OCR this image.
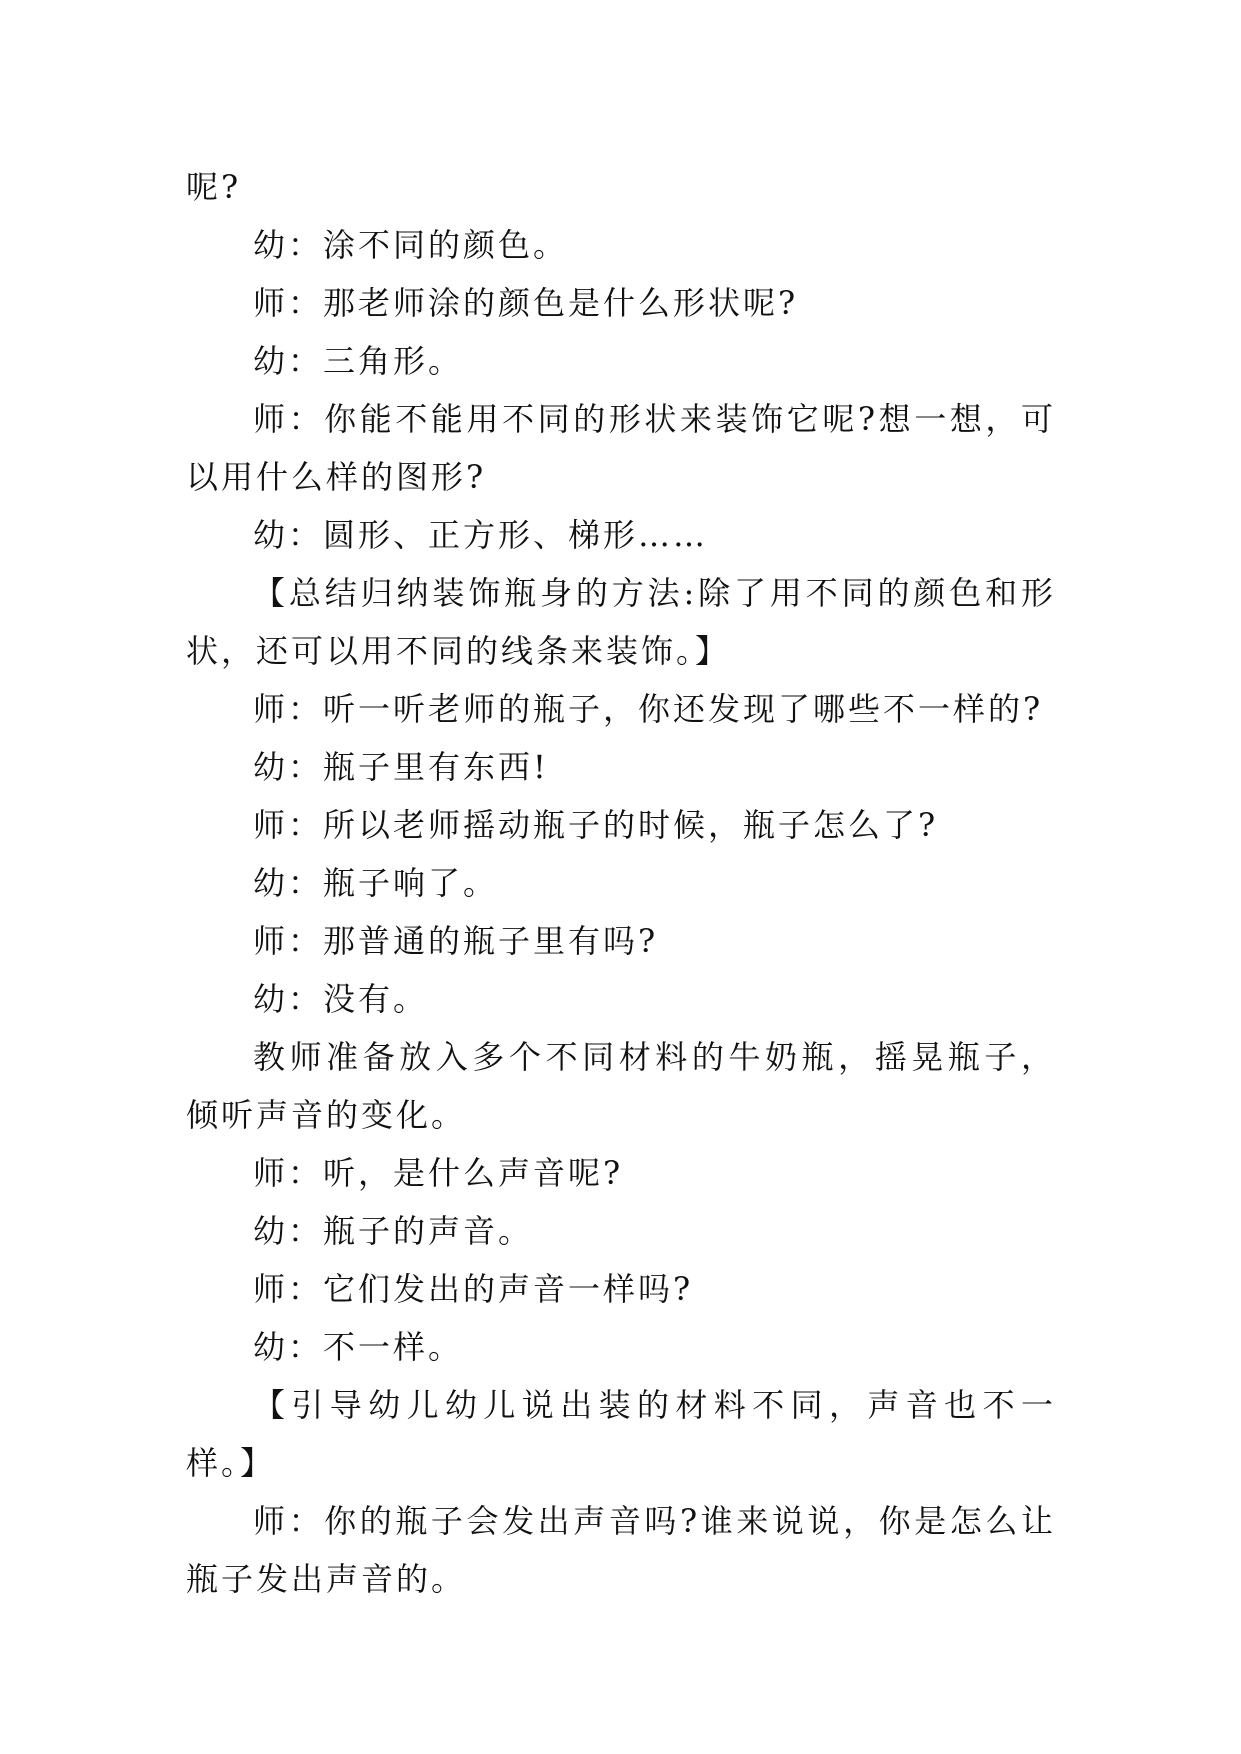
呢?

幼：涂不同的颜色。

师：那老师涂的颜色是什么形状呢?

幼：三角形。

师：你能不能用不同的形状来装饰它呢?想一想，可以用什么样的图形?

幼：圆形、正方形、梯形……

【总结归纳装饰瓶身的方法:除了用不同的颜色和形状，还可以用不同的线条来装饰。】

师：听一听老师的瓶子，你还发现了哪些不一样的?

幼：瓶子里有东西!

师：所以老师摇动瓶子的时候，瓶子怎么了?

幼：瓶子响了。

师：那普通的瓶子里有吗?

幼：没有。

教师准备放入多个不同材料的牛奶瓶，摇晃瓶子，倾听声音的变化。

师：听，是什么声音呢?

幼：瓶子的声音。

师：它们发出的声音一样吗?

幼：不一样。

【引导幼儿幼儿说出装的材料不同，声音也不一样。】

师：你的瓶子会发出声音吗?谁来说说，你是怎么让瓶子发出声音的。
